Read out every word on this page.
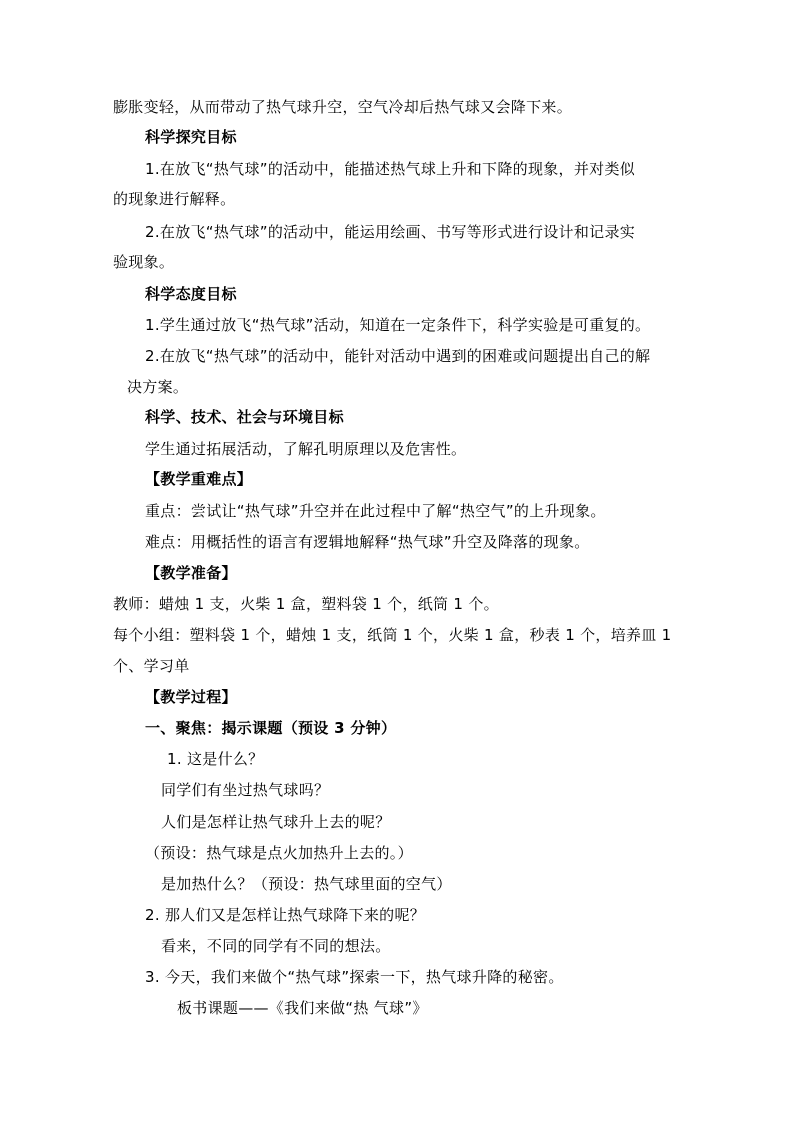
膨胀变轻，从而带动了热气球升空，空气冷却后热气球又会降下来。
科学探究目标
1.在放飞“热气球”的活动中，能描述热气球上升和下降的现象，并对类似
的现象进行解释。
2.在放飞“热气球”的活动中，能运用绘画、书写等形式进行设计和记录实
验现象。
科学态度目标
1.学生通过放飞“热气球”活动，知道在一定条件下，科学实验是可重复的。
2.在放飞“热气球”的活动中，能针对活动中遇到的困难或问题提出自己的解
决方案。
科学、技术、社会与环境目标
学生通过拓展活动，了解孔明原理以及危害性。
【教学重难点】
重点：尝试让“热气球”升空并在此过程中了解“热空气”的上升现象。
难点：用概括性的语言有逻辑地解释“热气球”升空及降落的现象。
【教学准备】
教师：蜡烛 1 支，火柴 1 盒，塑料袋 1 个，纸筒 1 个。
每个小组：塑料袋 1 个，蜡烛 1 支，纸筒 1 个，火柴 1 盒，秒表 1 个，培养皿 1
个、学习单
【教学过程】
一、聚焦：揭示课题（预设 3 分钟）
1. 这是什么？
同学们有坐过热气球吗？
人们是怎样让热气球升上去的呢？
（预设：热气球是点火加热升上去的。）
是加热什么？（预设：热气球里面的空气）
2. 那人们又是怎样让热气球降下来的呢？
看来，不同的同学有不同的想法。
3. 今天，我们来做个“热气球”探索一下，热气球升降的秘密。
板书课题——《我们来做“热 气球”》
